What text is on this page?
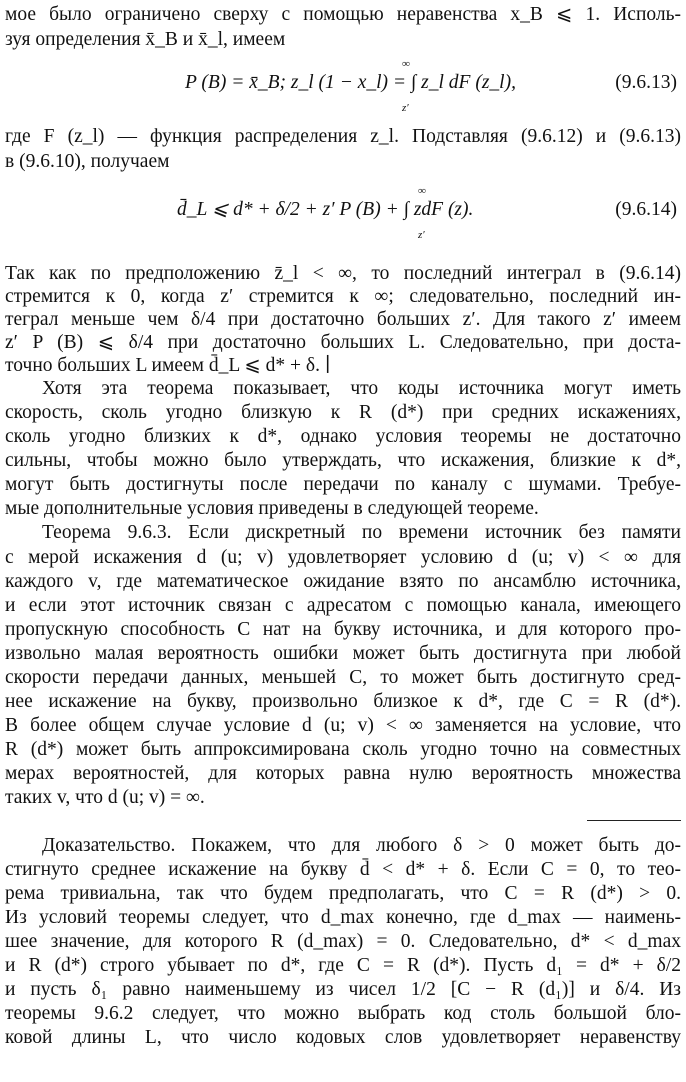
мое было ограничено сверху с помощью неравенства x_B ⩽ 1. Исполь-
зуя определения x̄_B и x̄_l, имеем
∞
P (B) = x̄_B; z_l (1 − x_l) = ∫ z_l dF (z_l),
z′
(9.6.13)
где F (z_l) — функция распределения z_l. Подставляя (9.6.12) и (9.6.13)
в (9.6.10), получаем
∞
d̄_L ⩽ d* + δ/2 + z′ P (B) + ∫ zdF (z).
z′
(9.6.14)
Так как по предположению z̄_l < ∞, то последний интеграл в (9.6.14)
стремится к 0, когда z′ стремится к ∞; следовательно, последний ин-
теграл меньше чем δ/4 при достаточно больших z′. Для такого z′ имеем
z′ P (B) ⩽ δ/4 при достаточно больших L. Следовательно, при доста-
точно больших L имеем d̄_L ⩽ d* + δ. ∣
Хотя эта теорема показывает, что коды источника могут иметь
скорость, сколь угодно близкую к R (d*) при средних искажениях,
сколь угодно близких к d*, однако условия теоремы не достаточно
сильны, чтобы можно было утверждать, что искажения, близкие к d*,
могут быть достигнуты после передачи по каналу с шумами. Требуе-
мые дополнительные условия приведены в следующей теореме.
Теорема 9.6.3. Если дискретный по времени источник без памяти
с мерой искажения d (u; v) удовлетворяет условию d (u; v) < ∞ для
каждого v, где математическое ожидание взято по ансамблю источника,
и если этот источник связан с адресатом с помощью канала, имеющего
пропускную способность C нат на букву источника, и для которого про-
извольно малая вероятность ошибки может быть достигнута при любой
скорости передачи данных, меньшей C, то может быть достигнуто сред-
нее искажение на букву, произвольно близкое к d*, где C = R (d*).
В более общем случае условие d (u; v) < ∞ заменяется на условие, что
R (d*) может быть аппроксимирована сколь угодно точно на совместных
мерах вероятностей, для которых равна нулю вероятность множества
таких v, что d (u; v) = ∞.
Доказательство. Покажем, что для любого δ > 0 может быть до-
стигнуто среднее искажение на букву d̄ < d* + δ. Если C = 0, то тео-
рема тривиальна, так что будем предполагать, что C = R (d*) > 0.
Из условий теоремы следует, что d_max конечно, где d_max — наимень-
шее значение, для которого R (d_max) = 0. Следовательно, d* < d_max
и R (d*) строго убывает по d*, где C = R (d*). Пусть d₁ = d* + δ/2
и пусть δ₁ равно наименьшему из чисел 1/2 [C − R (d₁)] и δ/4. Из
теоремы 9.6.2 следует, что можно выбрать код столь большой бло-
ковой длины L, что число кодовых слов удовлетворяет неравенству
